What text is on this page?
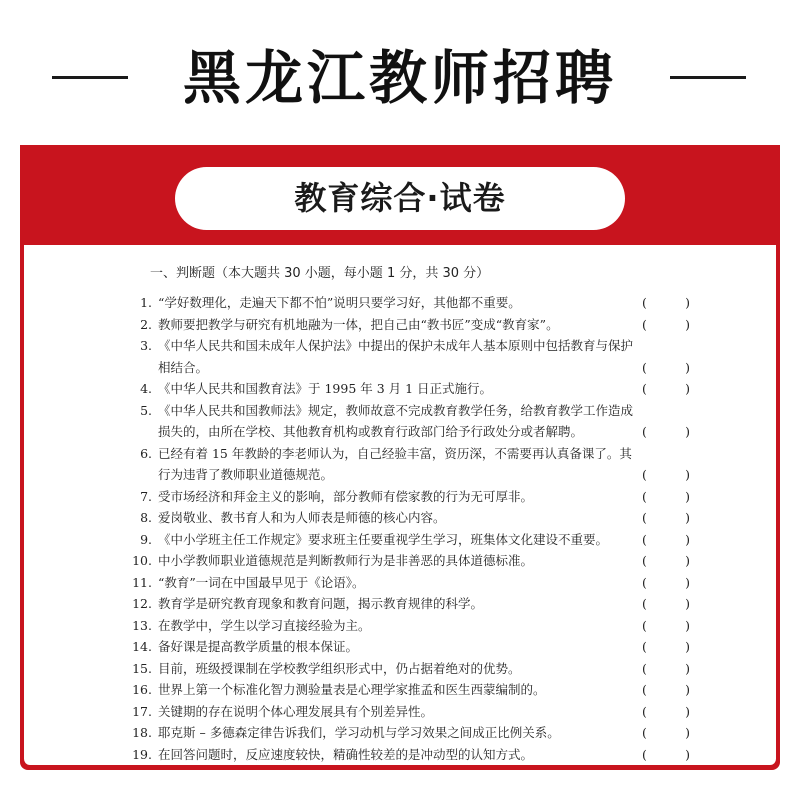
黑龙江教师招聘
教育综合·试卷
一、判断题（本大题共 30 小题，每小题 1 分，共 30 分）
1. “学好数理化，走遍天下都不怕”说明只要学习好，其他都不重要。	(	)
2. 教师要把教学与研究有机地融为一体，把自己由“教书匠”变成“教育家”。	(	)
3. 《中华人民共和国未成年人保护法》中提出的保护未成年人基本原则中包括教育与保护
相结合。	(	)
4. 《中华人民共和国教育法》于 1995 年 3 月 1 日正式施行。	(	)
5. 《中华人民共和国教师法》规定，教师故意不完成教育教学任务，给教育教学工作造成
损失的，由所在学校、其他教育机构或教育行政部门给予行政处分或者解聘。	(	)
6. 已经有着 15 年教龄的李老师认为，自己经验丰富，资历深，不需要再认真备课了。其
行为违背了教师职业道德规范。	(	)
7. 受市场经济和拜金主义的影响，部分教师有偿家教的行为无可厚非。	(	)
8. 爱岗敬业、教书育人和为人师表是师德的核心内容。	(	)
9. 《中小学班主任工作规定》要求班主任要重视学生学习，班集体文化建设不重要。	(	)
10. 中小学教师职业道德规范是判断教师行为是非善恶的具体道德标准。	(	)
11. “教育”一词在中国最早见于《论语》。	(	)
12. 教育学是研究教育现象和教育问题，揭示教育规律的科学。	(	)
13. 在教学中，学生以学习直接经验为主。	(	)
14. 备好课是提高教学质量的根本保证。	(	)
15. 目前，班级授课制在学校教学组织形式中，仍占据着绝对的优势。	(	)
16. 世界上第一个标准化智力测验量表是心理学家推孟和医生西蒙编制的。	(	)
17. 关键期的存在说明个体心理发展具有个别差异性。	(	)
18. 耶克斯 – 多德森定律告诉我们，学习动机与学习效果之间成正比例关系。	(	)
19. 在回答问题时，反应速度较快，精确性较差的是冲动型的认知方式。	(	)
